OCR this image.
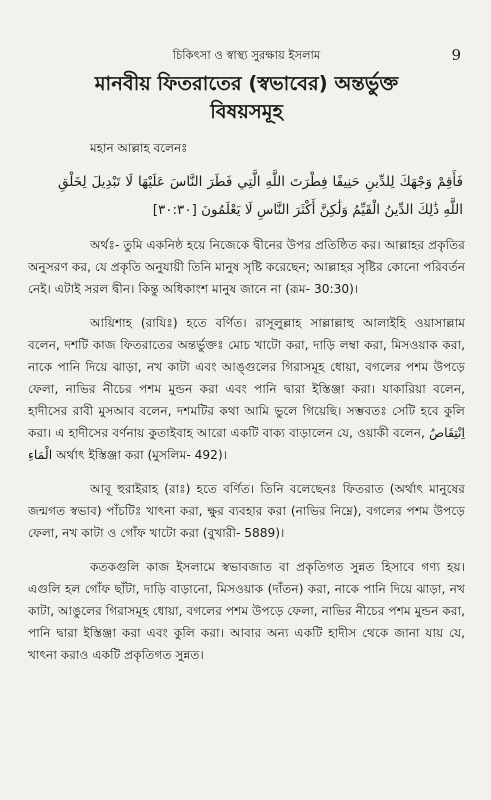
চিকিৎসা ও স্বাস্থ্য সুরক্ষায় ইসলাম	9
মানবীয় ফিতরাতের (স্বভাবের) অন্তর্ভুক্ত
বিষয়সমূহ

মহান আল্লাহ বলেনঃ

فَأَقِمْ وَجْهَكَ لِلدِّينِ حَنِيفًا فِطْرَتَ اللَّهِ الَّتِي فَطَرَ النَّاسَ عَلَيْهَا لَا تَبْدِيلَ لِخَلْقِ اللَّهِ ذَٰلِكَ الدِّينُ الْقَيِّمُ وَلَٰكِنَّ أَكْثَرَ النَّاسِ لَا يَعْلَمُونَ [٣٠:٣٠]

অর্থঃ- তুমি একনিষ্ঠ হয়ে নিজেকে দ্বীনের উপর প্রতিষ্ঠিত কর। আল্লাহর প্রকৃতির অনুসরণ কর, যে প্রকৃতি অনুযায়ী তিনি মানুষ সৃষ্টি করেছেন; আল্লাহর সৃষ্টির কোনো পরিবর্তন নেই। এটাই সরল দ্বীন। কিন্তু অধিকাংশ মানুষ জানে না (রূম- 30:30)।

আয়িশাহ (রাযিঃ) হতে বর্ণিত। রাসূলুল্লাহ সাল্লাল্লাহু আলাইহি ওয়াসাল্লাম বলেন, দশটি কাজ ফিতরাতের অন্তর্ভুক্তঃ মোচ খাটো করা, দাড়ি লম্বা করা, মিসওয়াক করা, নাকে পানি দিয়ে ঝাড়া, নখ কাটা এবং আঙ্গুলের গিরাসমূহ ধোয়া, বগলের পশম উপড়ে ফেলা, নাভির নীচের পশম মুন্ডন করা এবং পানি দ্বারা ইস্তিঞ্জা করা। যাকারিয়া বলেন, হাদীসের রাবী মুসআব বলেন, দশমটির কথা আমি ভুলে গিয়েছি। সম্ভবতঃ সেটি হবে কুলি করা। এ হাদীসের বর্ণনায় কুতাইবাহ আরো একটি বাক্য বাড়ালেন যে, ওয়াকী বলেন, اِنْتِقَاصُ الْمَاءِ অর্থাৎ ইস্তিঞ্জা করা (মুসলিম- 492)।

আবূ হুরাইরাহ (রাঃ) হতে বর্ণিত। তিনি বলেছেনঃ ফিতরাত (অর্থাৎ মানুষের জন্মগত স্বভাব) পাঁচটিঃ খাৎনা করা, ক্ষুর ব্যবহার করা (নাভির নিম্নে), বগলের পশম উপড়ে ফেলা, নখ কাটা ও গোঁফ খাটো করা (বুখারী- 5889)।

কতকগুলি কাজ ইসলামে স্বভাবজাত বা প্রকৃতিগত সুন্নত হিসাবে গণ্য হয়। এগুলি হল গোঁফ ছাঁটা, দাড়ি বাড়ানো, মিসওয়াক (দাঁতন) করা, নাকে পানি দিয়ে ঝাড়া, নখ কাটা, আঙুলের গিরাসমূহ ধোয়া, বগলের পশম উপড়ে ফেলা, নাভির নীচের পশম মুন্ডন করা, পানি দ্বারা ইস্তিঞ্জা করা এবং কুলি করা। আবার অন্য একটি হাদীস থেকে জানা যায় যে, খাৎনা করাও একটি প্রকৃতিগত সুন্নত।
